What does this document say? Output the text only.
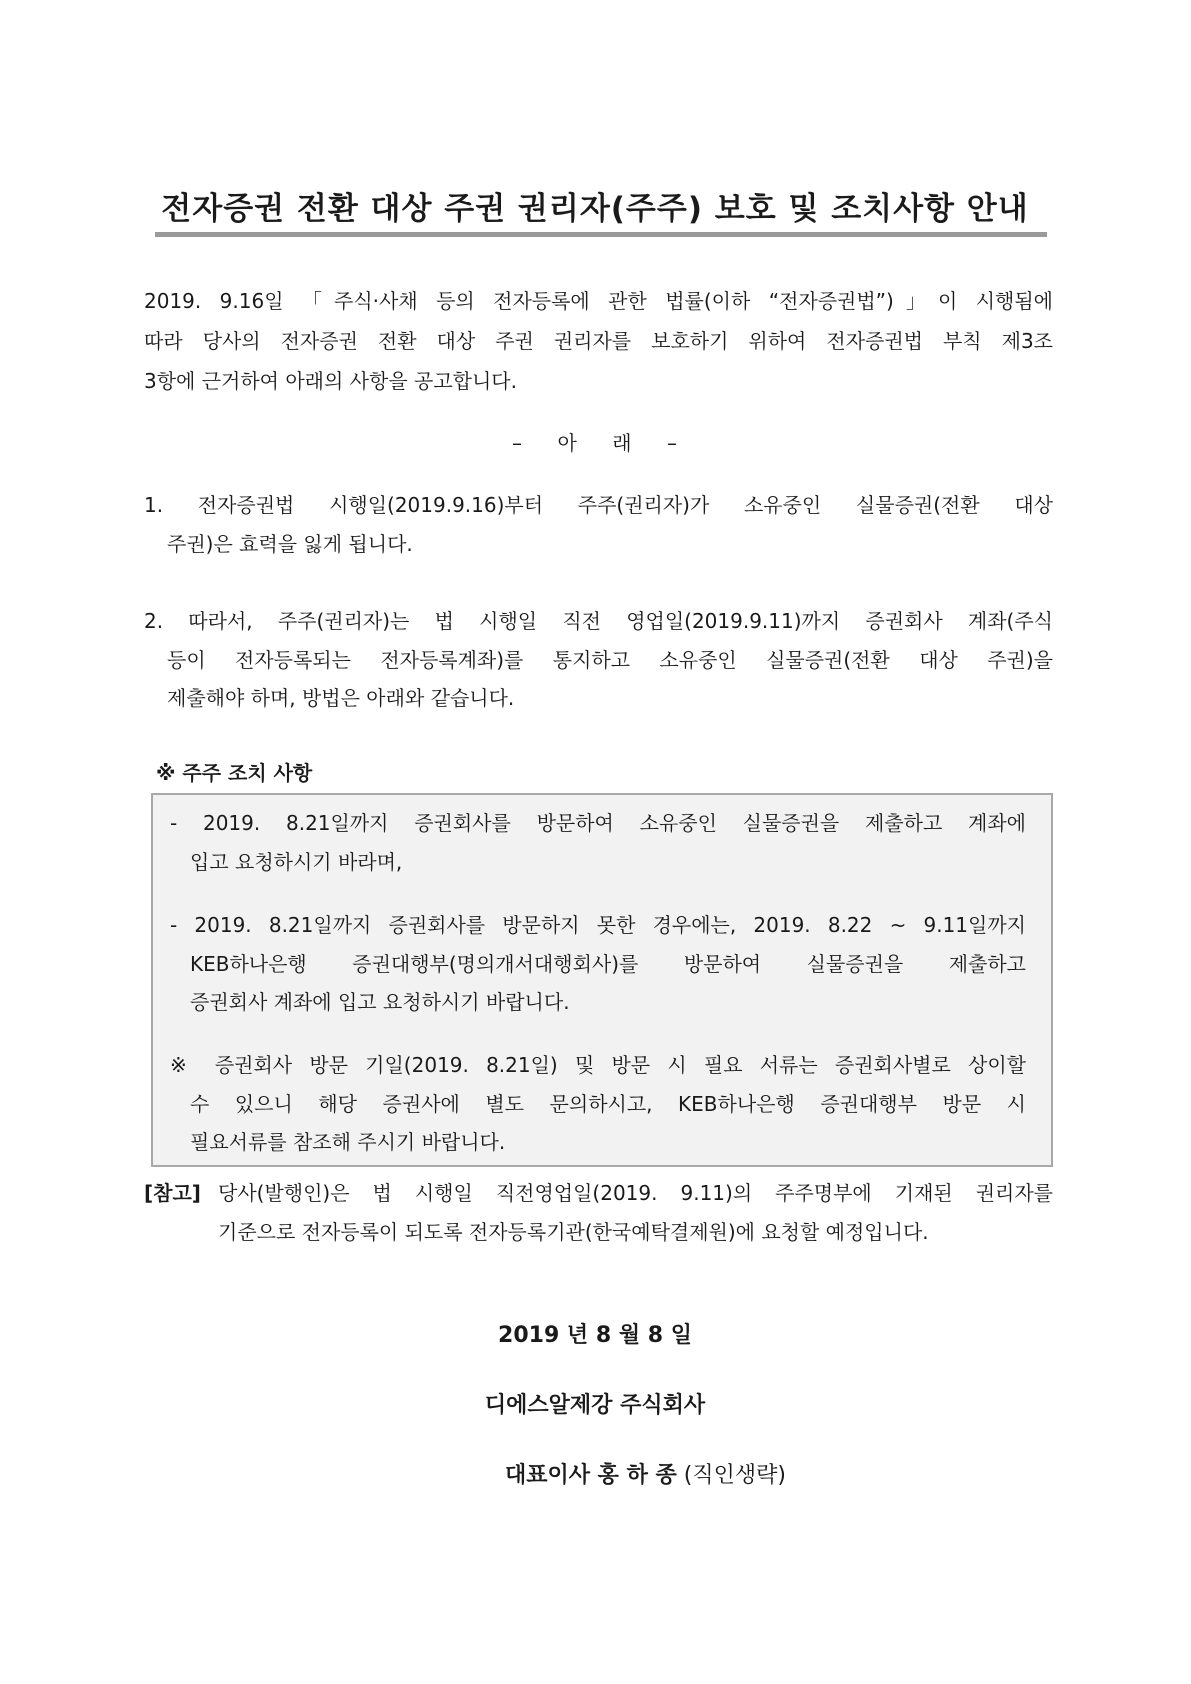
전자증권 전환 대상 주권 권리자(주주) 보호 및 조치사항 안내
2019. 9.16일 「주식·사채 등의 전자등록에 관한 법률(이하 “전자증권법”)」이 시행됨에
따라 당사의 전자증권 전환 대상 주권 권리자를 보호하기 위하여 전자증권법 부칙 제3조
3항에 근거하여 아래의 사항을 공고합니다.
– 아 래 –
1. 전자증권법 시행일(2019.9.16)부터 주주(권리자)가 소유중인 실물증권(전환 대상
주권)은 효력을 잃게 됩니다.
2. 따라서, 주주(권리자)는 법 시행일 직전 영업일(2019.9.11)까지 증권회사 계좌(주식
등이 전자등록되는 전자등록계좌)를 통지하고 소유중인 실물증권(전환 대상 주권)을
제출해야 하며, 방법은 아래와 같습니다.
※ 주주 조치 사항
- 2019. 8.21일까지 증권회사를 방문하여 소유중인 실물증권을 제출하고 계좌에
입고 요청하시기 바라며,
- 2019. 8.21일까지 증권회사를 방문하지 못한 경우에는, 2019. 8.22 ~ 9.11일까지
KEB하나은행 증권대행부(명의개서대행회사)를 방문하여 실물증권을 제출하고
증권회사 계좌에 입고 요청하시기 바랍니다.
※ 증권회사 방문 기일(2019. 8.21일) 및 방문 시 필요 서류는 증권회사별로 상이할
수 있으니 해당 증권사에 별도 문의하시고, KEB하나은행 증권대행부 방문 시
필요서류를 참조해 주시기 바랍니다.
[참고] 당사(발행인)은 법 시행일 직전영업일(2019. 9.11)의 주주명부에 기재된 권리자를
기준으로 전자등록이 되도록 전자등록기관(한국예탁결제원)에 요청할 예정입니다.
2019 년 8 월 8 일
디에스알제강 주식회사
대표이사 홍 하 종 (직인생략)
